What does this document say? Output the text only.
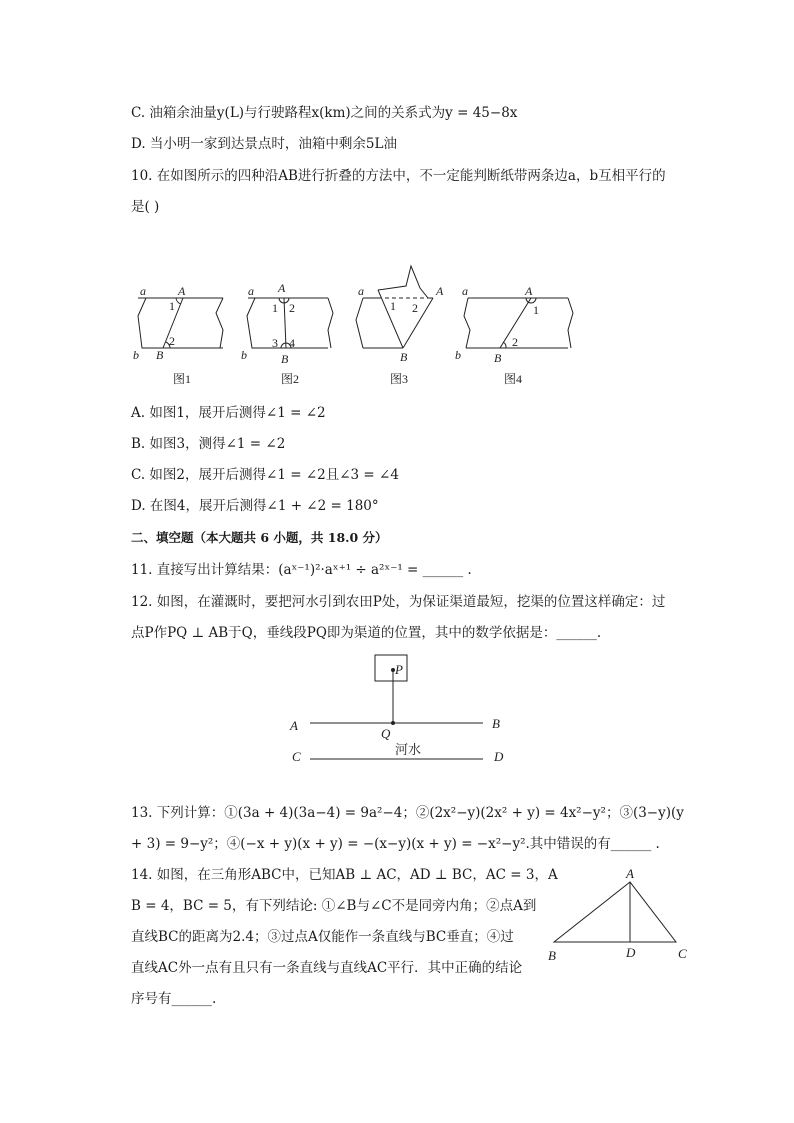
C. 油箱余油量y(L)与行驶路程x(km)之间的关系式为y = 45−8x
D. 当小明一家到达景点时，油箱中剩余5L油
10. 在如图所示的四种沿AB进行折叠的方法中，不一定能判断纸带两条边a，b互相平行的
是( )
a	A
1
2
b B
图1
a A
1 2
3 4
b	B
图2
a	A
1 2
B
图3
a	A
1
2
b	B
图4
A. 如图1，展开后测得∠1 = ∠2
B. 如图3，测得∠1 = ∠2
C. 如图2，展开后测得∠1 = ∠2且∠3 = ∠4
D. 在图4，展开后测得∠1 + ∠2 = 180°
二、填空题（本大题共 6 小题，共 18.0 分）
11. 直接写出计算结果：(aˣ⁻¹)²·aˣ⁺¹ ÷ a²ˣ⁻¹ = ______ .
12. 如图，在灌溉时，要把河水引到农田P处，为保证渠道最短，挖渠的位置这样确定：过
点P作PQ ⊥ AB于Q，垂线段PQ即为渠道的位置，其中的数学依据是：______.
P
Q
A	B
C	D
河水
13. 下列计算：①(3a + 4)(3a−4) = 9a²−4；②(2x²−y)(2x² + y) = 4x²−y²；③(3−y)(y
+ 3) = 9−y²；④(−x + y)(x + y) = −(x−y)(x + y) = −x²−y².其中错误的有______ .
14. 如图，在三角形ABC中，已知AB ⊥ AC，AD ⊥ BC，AC = 3，A
B = 4，BC = 5，有下列结论: ①∠B与∠C不是同旁内角；②点A到
直线BC的距离为2.4；③过点A仅能作一条直线与BC垂直；④过
直线AC外一点有且只有一条直线与直线AC平行．其中正确的结论
序号有______.
A
B	C
D
